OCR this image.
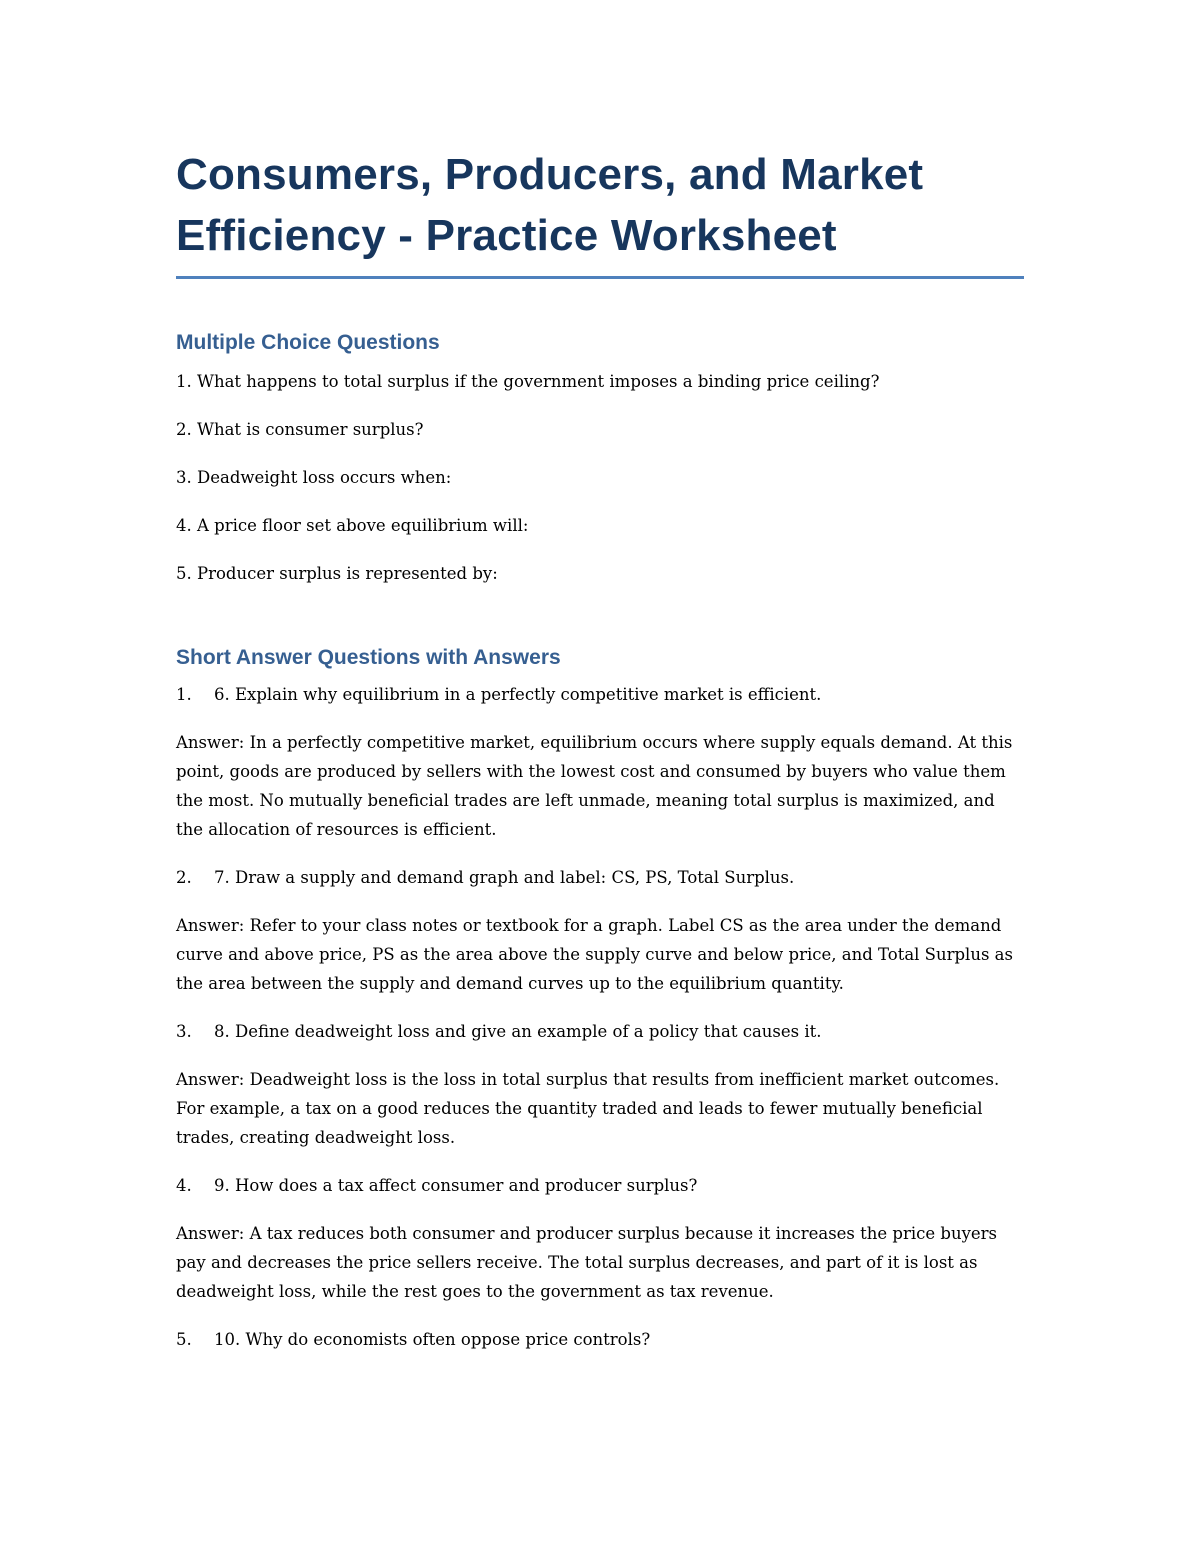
Consumers, Producers, and Market
Efficiency - Practice Worksheet
Multiple Choice Questions

1. What happens to total surplus if the government imposes a binding price ceiling?

2. What is consumer surplus?

3. Deadweight loss occurs when:

4. A price floor set above equilibrium will:

5. Producer surplus is represented by:

Short Answer Questions with Answers
1.	6. Explain why equilibrium in a perfectly competitive market is efficient.

Answer: In a perfectly competitive market, equilibrium occurs where supply equals demand. At this point, goods are produced by sellers with the lowest cost and consumed by buyers who value them the most. No mutually beneficial trades are left unmade, meaning total surplus is maximized, and the allocation of resources is efficient.

2.	7. Draw a supply and demand graph and label: CS, PS, Total Surplus.

Answer: Refer to your class notes or textbook for a graph. Label CS as the area under the demand curve and above price, PS as the area above the supply curve and below price, and Total Surplus as the area between the supply and demand curves up to the equilibrium quantity.

3.	8. Define deadweight loss and give an example of a policy that causes it.

Answer: Deadweight loss is the loss in total surplus that results from inefficient market outcomes. For example, a tax on a good reduces the quantity traded and leads to fewer mutually beneficial trades, creating deadweight loss.

4.	9. How does a tax affect consumer and producer surplus?

Answer: A tax reduces both consumer and producer surplus because it increases the price buyers pay and decreases the price sellers receive. The total surplus decreases, and part of it is lost as deadweight loss, while the rest goes to the government as tax revenue.

5.	10. Why do economists often oppose price controls?
